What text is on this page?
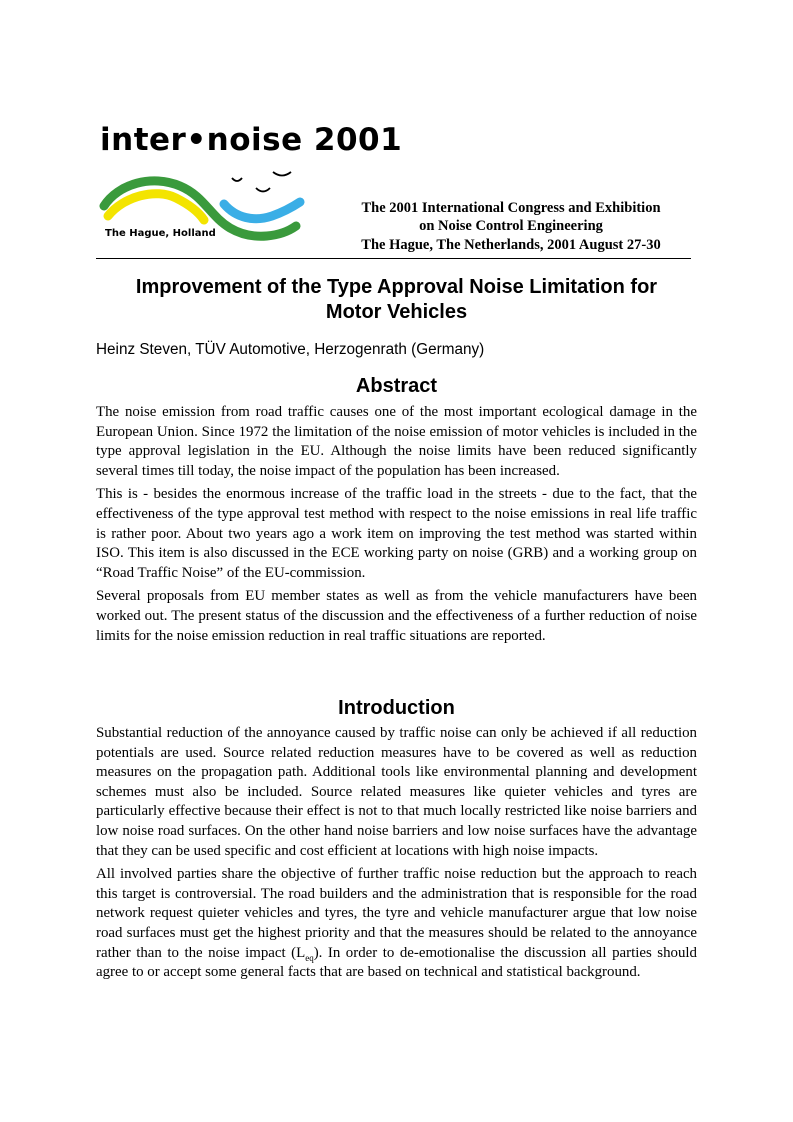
inter•noise 2001
The Hague, Holland
The 2001 International Congress and Exhibition
on Noise Control Engineering
The Hague, The Netherlands, 2001 August 27-30
Improvement of the Type Approval Noise Limitation for
Motor Vehicles
Heinz Steven, TÜV Automotive, Herzogenrath (Germany)
Abstract

The noise emission from road traffic causes one of the most important ecological damage in the European Union. Since 1972 the limitation of the noise emission of motor vehicles is included in the type approval legislation in the EU. Although the noise limits have been reduced significantly several times till today, the noise impact of the population has been increased.

This is - besides the enormous increase of the traffic load in the streets - due to the fact, that the effectiveness of the type approval test method with respect to the noise emissions in real life traffic is rather poor. About two years ago a work item on improving the test method was started within ISO. This item is also discussed in the ECE working party on noise (GRB) and a working group on “Road Traffic Noise” of the EU-commission.

Several proposals from EU member states as well as from the vehicle manufacturers have been worked out. The present status of the discussion and the effectiveness of a further reduction of noise limits for the noise emission reduction in real traffic situations are reported.

Introduction

Substantial reduction of the annoyance caused by traffic noise can only be achieved if all reduction potentials are used. Source related reduction measures have to be covered as well as reduction measures on the propagation path. Additional tools like environmental planning and development schemes must also be included. Source related measures like quieter vehicles and tyres are particularly effective because their effect is not to that much locally restricted like noise barriers and low noise road surfaces. On the other hand noise barriers and low noise surfaces have the advantage that they can be used specific and cost efficient at locations with high noise impacts.

All involved parties share the objective of further traffic noise reduction but the approach to reach this target is controversial. The road builders and the administration that is responsible for the road network request quieter vehicles and tyres, the tyre and vehicle manufacturer argue that low noise road surfaces must get the highest priority and that the measures should be related to the annoyance rather than to the noise impact $(L_{eq})$. In order to de-emotionalise the discussion all parties should agree to or accept some general facts that are based on technical and statistical background.
